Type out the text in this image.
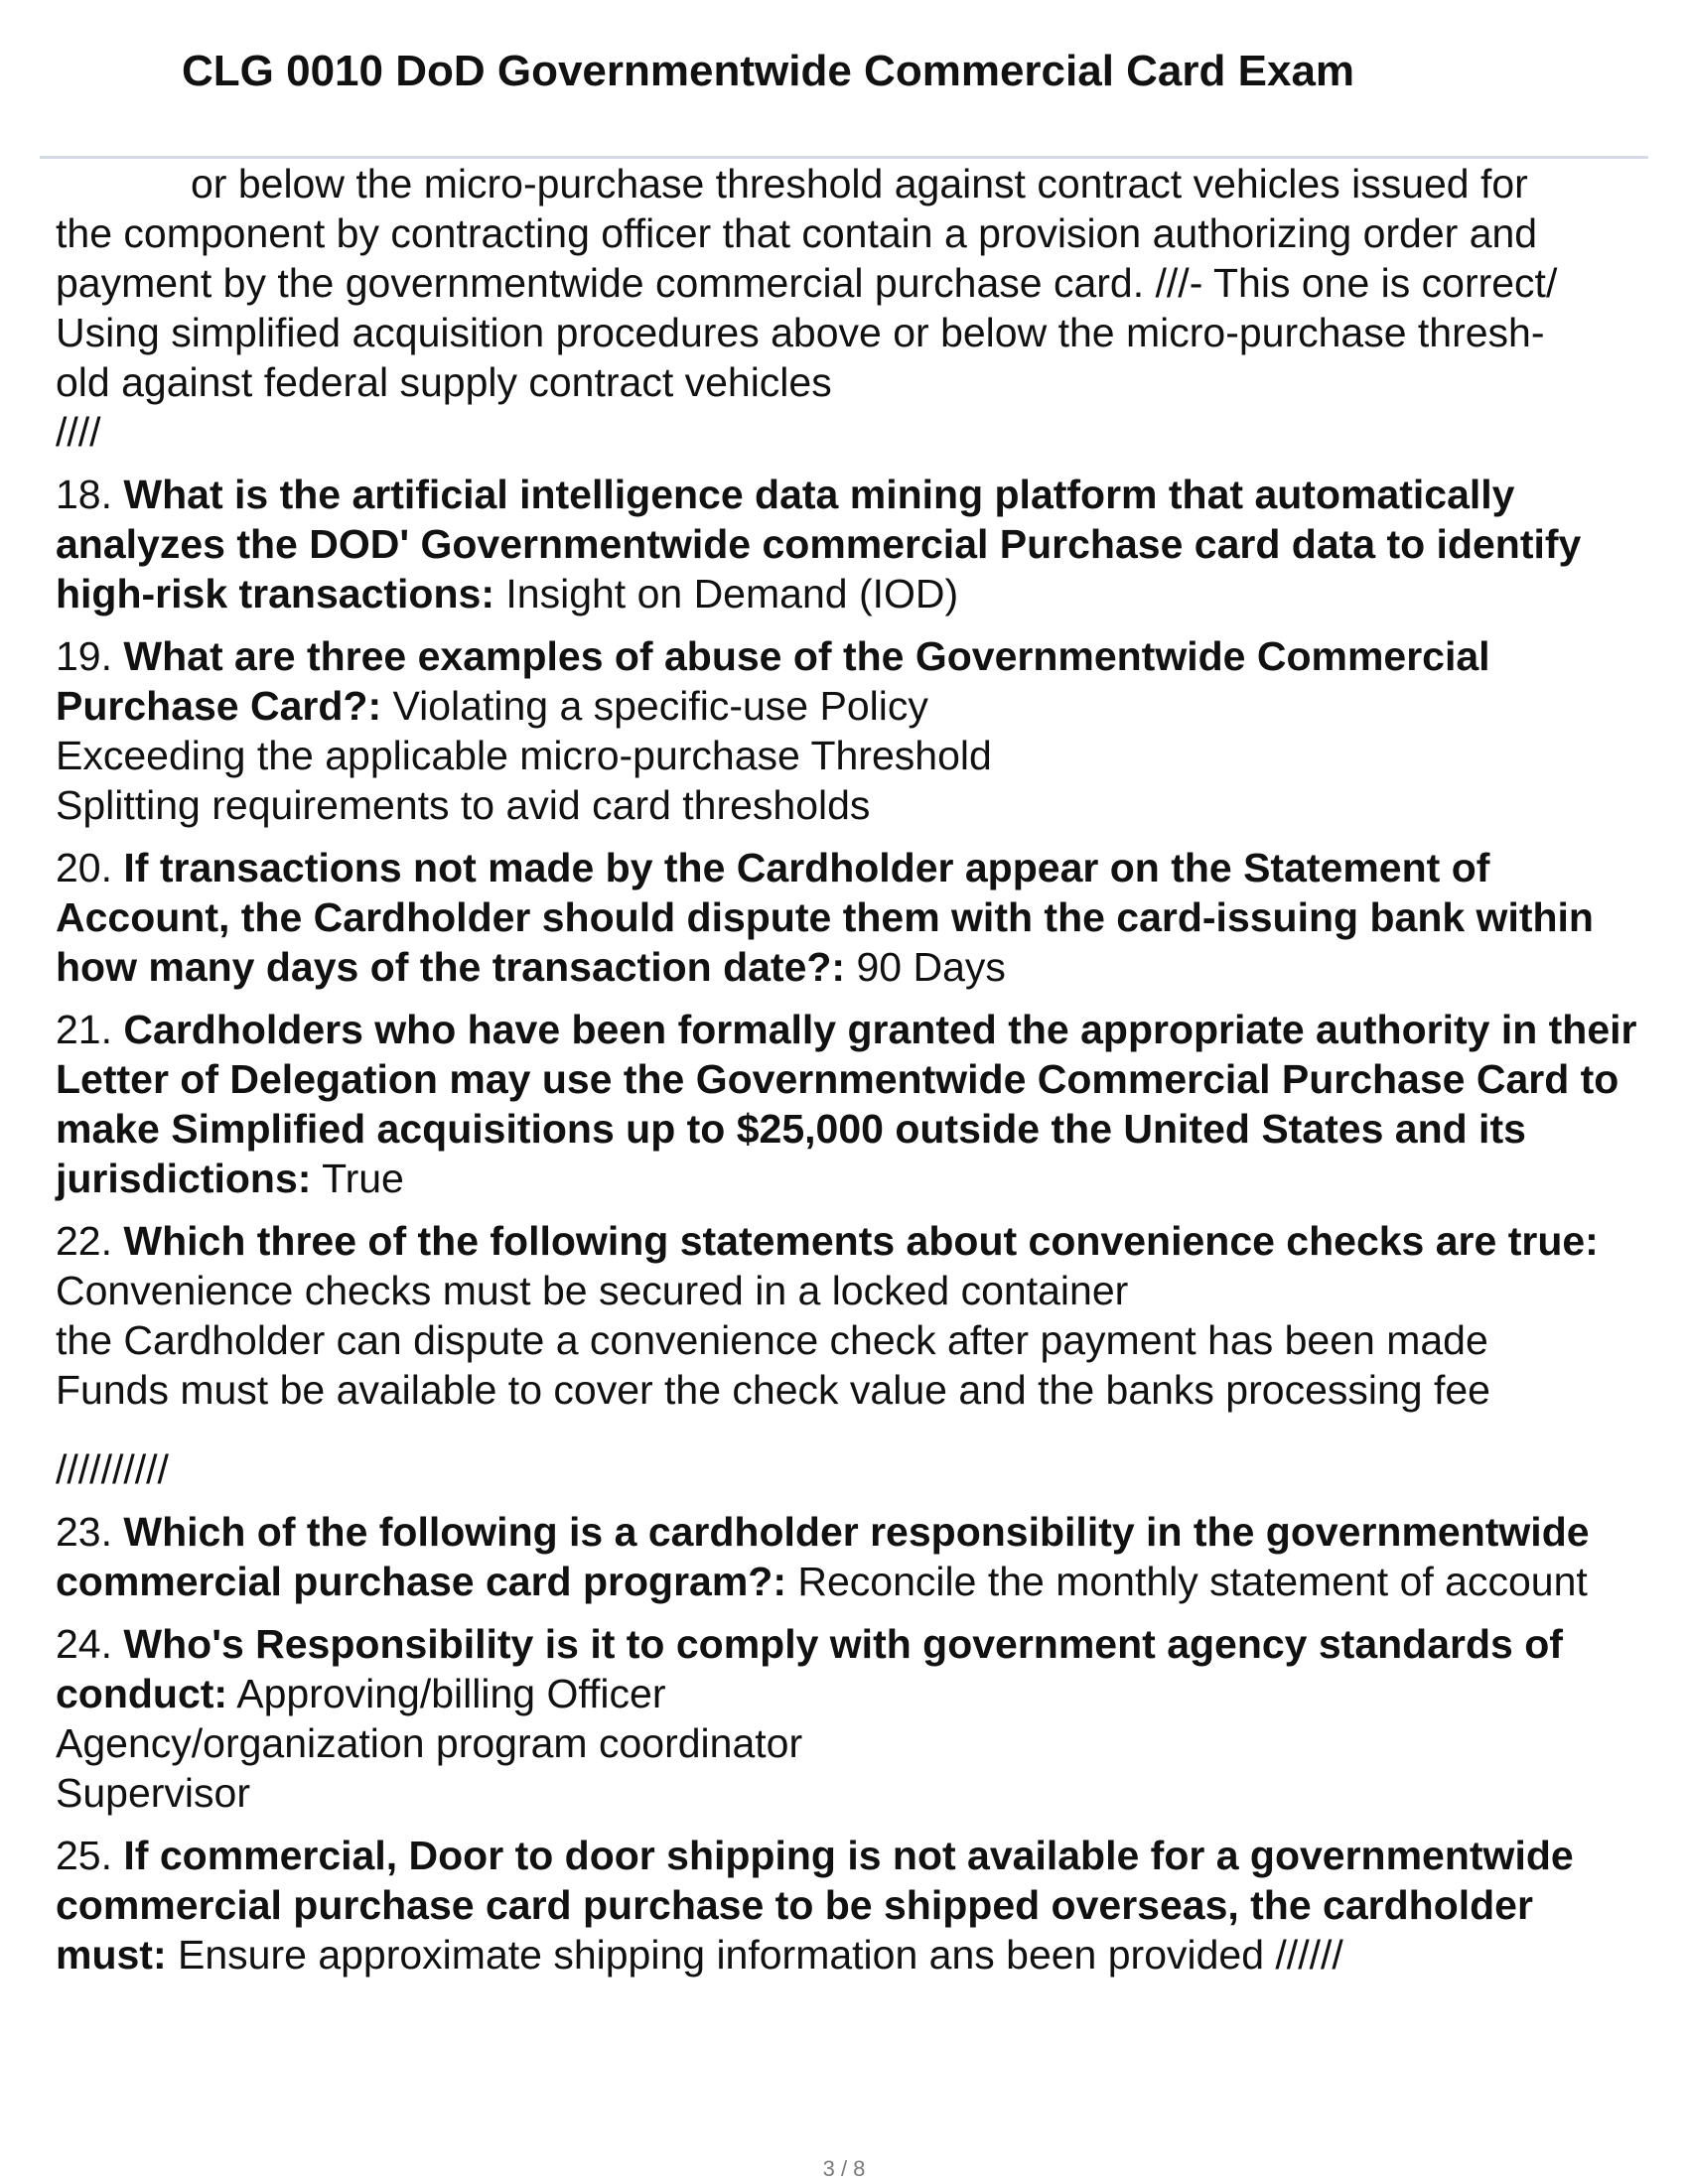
CLG 0010 DoD Governmentwide Commercial Card Exam

or below the micro-purchase threshold against contract vehicles issued for
the component by contracting officer that contain a provision authorizing order and
payment by the governmentwide commercial purchase card. ///- This one is correct/
Using simplified acquisition procedures above or below the micro-purchase thresh-
old against federal supply contract vehicles

////

18. What is the artificial intelligence data mining platform that automatically analyzes the DOD' Governmentwide commercial Purchase card data to identify high-risk transactions: Insight on Demand (IOD)

19. What are three examples of abuse of the Governmentwide Commercial Purchase Card?: Violating a specific-use Policy
Exceeding the applicable micro-purchase Threshold
Splitting requirements to avid card thresholds

20. If transactions not made by the Cardholder appear on the Statement of Account, the Cardholder should dispute them with the card-issuing bank within how many days of the transaction date?: 90 Days

21. Cardholders who have been formally granted the appropriate authority in their Letter of Delegation may use the Governmentwide Commercial Purchase Card to make Simplified acquisitions up to $25,000 outside the United States and its jurisdictions: True

22. Which three of the following statements about convenience checks are true: Convenience checks must be secured in a locked container
the Cardholder can dispute a convenience check after payment has been made
Funds must be available to cover the check value and the banks processing fee

//////////

23. Which of the following is a cardholder responsibility in the governmentwide commercial purchase card program?: Reconcile the monthly statement of account

24. Who's Responsibility is it to comply with government agency standards of conduct: Approving/billing Officer
Agency/organization program coordinator
Supervisor

25. If commercial, Door to door shipping is not available for a governmentwide commercial purchase card purchase to be shipped overseas, the cardholder must: Ensure approximate shipping information ans been provided //////

3 / 8
